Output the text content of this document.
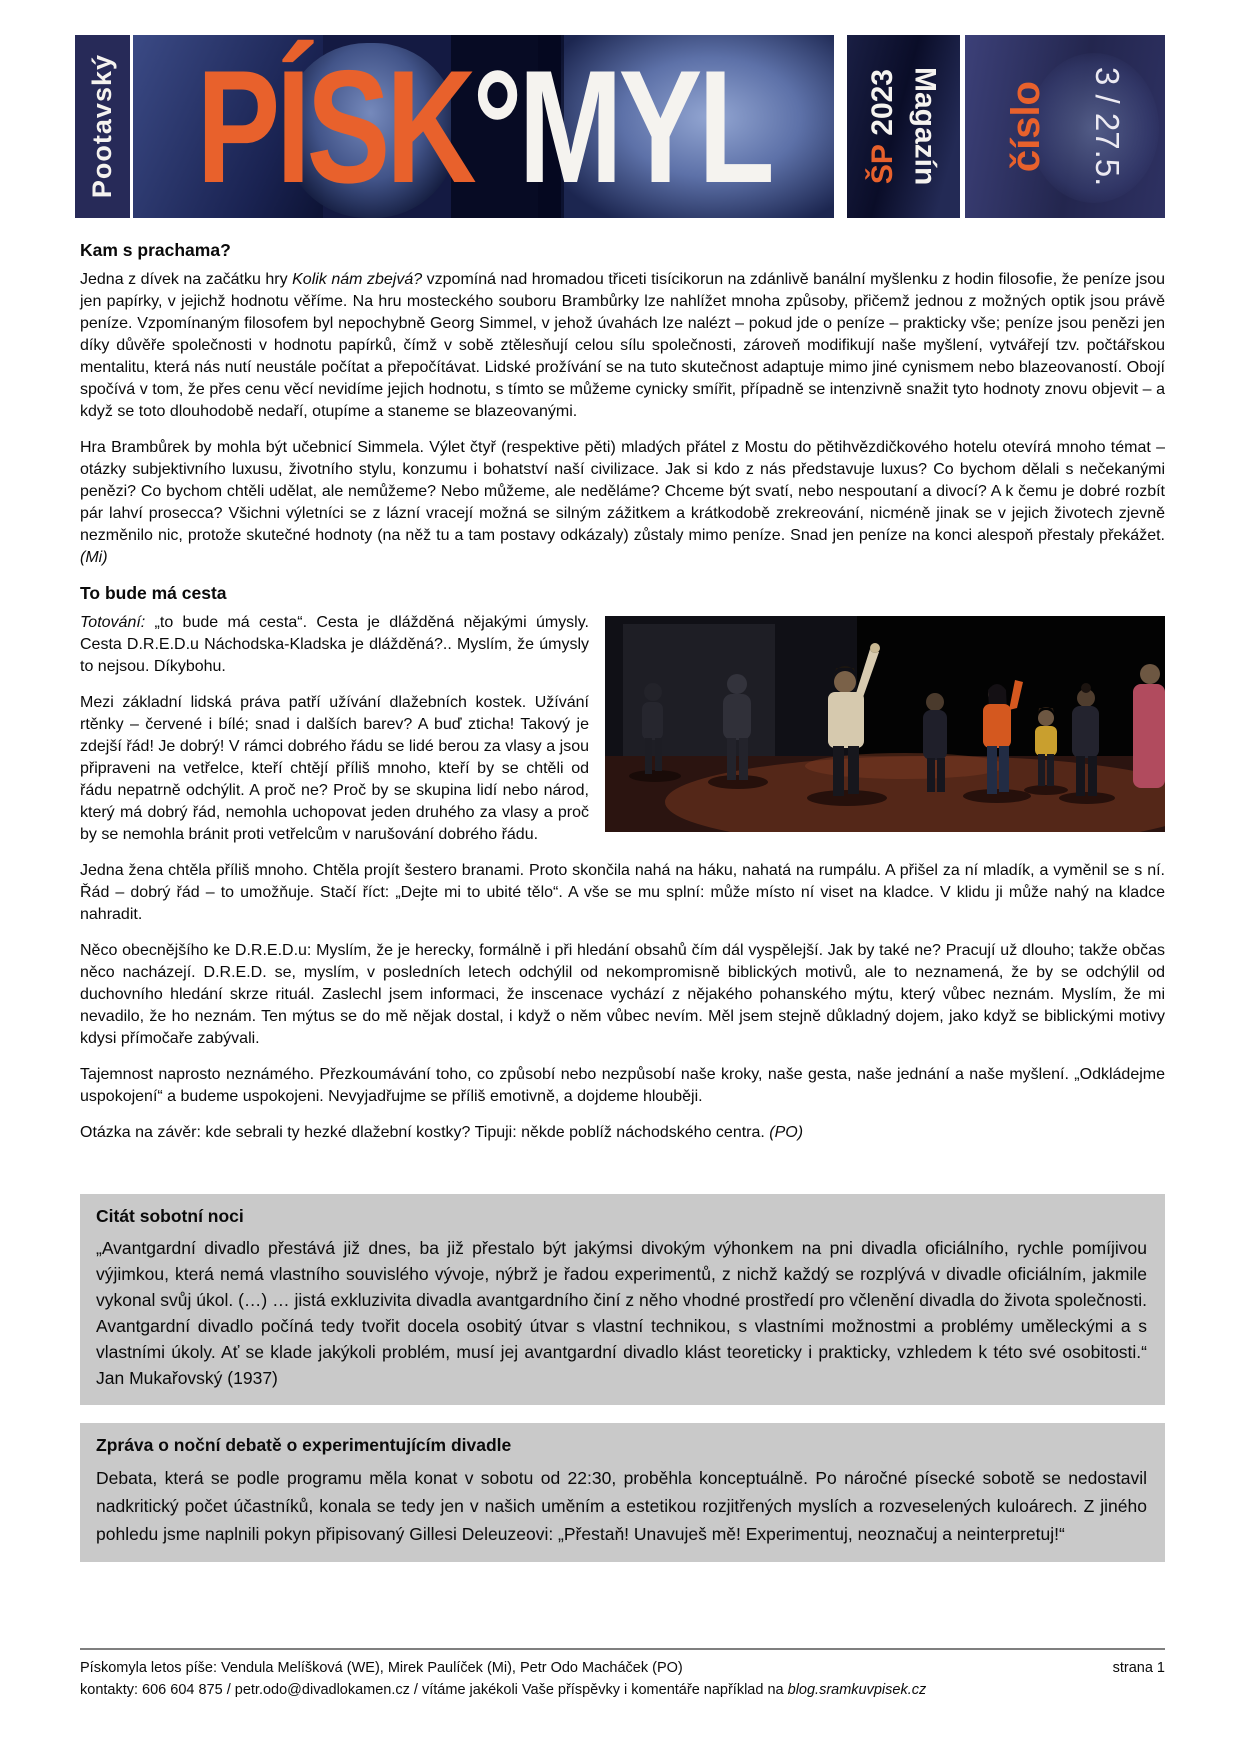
Pootavský PÍSK °MYL	ŠP 2023 Magazín číslo 3 / 27.5.
Kam s prachama?

Jedna z dívek na začátku hry Kolik nám zbejvá? vzpomíná nad hromadou třiceti tisícikorun na zdánlivě banální myšlenku z hodin filosofie, že peníze jsou jen papírky, v jejichž hodnotu věříme. Na hru mosteckého souboru Brambůrky lze nahlížet mnoha způsoby, přičemž jednou z možných optik jsou právě peníze. Vzpomínaným filosofem byl nepochybně Georg Simmel, v jehož úvahách lze nalézt – pokud jde o peníze – prakticky vše; peníze jsou penězi jen díky důvěře společnosti v hodnotu papírků, čímž v sobě ztělesňují celou sílu společnosti, zároveň modifikují naše myšlení, vytvářejí tzv. počtářskou mentalitu, která nás nutí neustále počítat a přepočítávat. Lidské prožívání se na tuto skutečnost adaptuje mimo jiné cynismem nebo blazeovaností. Obojí spočívá v tom, že přes cenu věcí nevidíme jejich hodnotu, s tímto se můžeme cynicky smířit, případně se intenzivně snažit tyto hodnoty znovu objevit – a když se toto dlouhodobě nedaří, otupíme a staneme se blazeovanými.

Hra Brambůrek by mohla být učebnicí Simmela. Výlet čtyř (respektive pěti) mladých přátel z Mostu do pětihvězdičkového hotelu otevírá mnoho témat – otázky subjektivního luxusu, životního stylu, konzumu i bohatství naší civilizace. Jak si kdo z nás představuje luxus? Co bychom dělali s nečekanými penězi? Co bychom chtěli udělat, ale nemůžeme? Nebo můžeme, ale neděláme? Chceme být svatí, nebo nespoutaní a divocí? A k čemu je dobré rozbít pár lahví prosecca? Všichni výletníci se z lázní vracejí možná se silným zážitkem a krátkodobě zrekreování, nicméně jinak se v jejich životech zjevně nezměnilo nic, protože skutečné hodnoty (na něž tu a tam postavy odkázaly) zůstaly mimo peníze. Snad jen peníze na konci alespoň přestaly překážet. (Mi)

To bude má cesta

Totování: „to bude má cesta“. Cesta je dlážděná nějakými úmysly. Cesta D.R.E.D.u Náchodska-Kladska je dlážděná?.. Myslím, že úmysly to nejsou. Díkybohu.

Mezi základní lidská práva patří užívání dlažebních kostek. Užívání rtěnky – červené i bílé; snad i dalších barev? A buď zticha! Takový je zdejší řád! Je dobrý! V rámci dobrého řádu se lidé berou za vlasy a jsou připraveni na vetřelce, kteří chtějí příliš mnoho, kteří by se chtěli od řádu nepatrně odchýlit. A proč ne? Proč by se skupina lidí nebo národ, který má dobrý řád, nemohla uchopovat jeden druhého za vlasy a proč by se nemohla bránit proti vetřelcům v narušování dobrého řádu.

Jedna žena chtěla příliš mnoho. Chtěla projít šestero branami. Proto skončila nahá na háku, nahatá na rumpálu. A přišel za ní mladík, a vyměnil se s ní. Řád – dobrý řád – to umožňuje. Stačí říct: „Dejte mi to ubité tělo“. A vše se mu splní: může místo ní viset na kladce. V klidu ji může nahý na kladce nahradit.

Něco obecnějšího ke D.R.E.D.u: Myslím, že je herecky, formálně i při hledání obsahů čím dál vyspělejší. Jak by také ne? Pracují už dlouho; takže občas něco nacházejí. D.R.E.D. se, myslím, v posledních letech odchýlil od nekompromisně biblických motivů, ale to neznamená, že by se odchýlil od duchovního hledání skrze rituál. Zaslechl jsem informaci, že inscenace vychází z nějakého pohanského mýtu, který vůbec neznám. Myslím, že mi nevadilo, že ho neznám. Ten mýtus se do mě nějak dostal, i když o něm vůbec nevím. Měl jsem stejně důkladný dojem, jako když se biblickými motivy kdysi přímočaře zabývali.

Tajemnost naprosto neznámého. Přezkoumávání toho, co způsobí nebo nezpůsobí naše kroky, naše gesta, naše jednání a naše myšlení. „Odkládejme uspokojení“ a budeme uspokojeni. Nevyjadřujme se příliš emotivně, a dojdeme hlouběji.

Otázka na závěr: kde sebrali ty hezké dlažební kostky? Tipuji: někde poblíž náchodského centra. (PO)

Citát sobotní noci

„Avantgardní divadlo přestává již dnes, ba již přestalo být jakýmsi divokým výhonkem na pni divadla oficiálního, rychle pomíjivou výjimkou, která nemá vlastního souvislého vývoje, nýbrž je řadou experimentů, z nichž každý se rozplývá v divadle oficiálním, jakmile vykonal svůj úkol. (…) … jistá exkluzivita divadla avantgardního činí z něho vhodné prostředí pro včlenění divadla do života společnosti. Avantgardní divadlo počíná tedy tvořit docela osobitý útvar s vlastní technikou, s vlastními možnostmi a problémy uměleckými a s vlastními úkoly. Ať se klade jakýkoli problém, musí jej avantgardní divadlo klást teoreticky i prakticky, vzhledem k této své osobitosti.“ Jan Mukařovský (1937)

Zpráva o noční debatě o experimentujícím divadle

Debata, která se podle programu měla konat v sobotu od 22:30, proběhla konceptuálně. Po náročné písecké sobotě se nedostavil nadkritický počet účastníků, konala se tedy jen v našich uměním a estetikou rozjitřených myslích a rozveselených kuloárech. Z jiného pohledu jsme naplnili pokyn připisovaný Gillesi Deleuzeovi: „Přestaň! Unavuješ mě! Experimentuj, neoznačuj a neinterpretuj!“

Pískomyla letos píše: Vendula Melíšková (WE), Mirek Paulíček (Mi), Petr Odo Macháček (PO)	strana 1
kontakty: 606 604 875 / petr.odo@divadlokamen.cz / vítáme jakékoli Vaše příspěvky i komentáře například na blog.sramkuvpisek.cz
